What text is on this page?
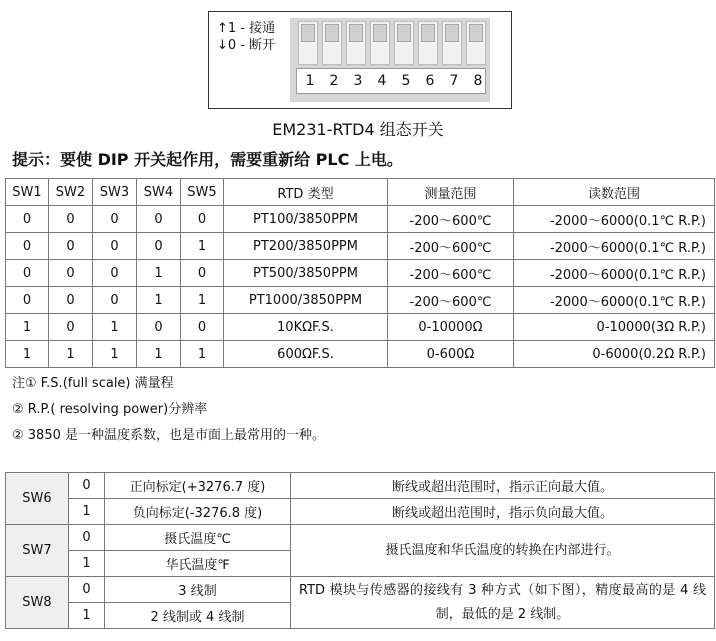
↑1 - 接通
↓0 - 断开
1	2	3	4	5	6	7	8
EM231-RTD4 组态开关
提示：要使 DIP 开关起作用，需要重新给 PLC 上电。
SW1	SW2	SW3	SW4	SW5	RTD 类型	测量范围	读数范围
0	0	0	0	0	PT100/3850PPM	-200～600℃	-2000～6000(0.1℃ R.P.)
0	0	0	0	1	PT200/3850PPM	-200～600℃	-2000～6000(0.1℃ R.P.)
0	0	0	1	0	PT500/3850PPM	-200～600℃	-2000～6000(0.1℃ R.P.)
0	0	0	1	1	PT1000/3850PPM	-200～600℃	-2000～6000(0.1℃ R.P.)
1	0	1	0	0	10KΩF.S.	0-10000Ω	0-10000(3Ω R.P.)
1	1	1	1	1	600ΩF.S.	0-600Ω	0-6000(0.2Ω R.P.)
注① F.S.(full scale) 满量程
② R.P.( resolving power)分辨率
② 3850 是一种温度系数，也是市面上最常用的一种。
SW6	0	正向标定(+3276.7 度)	断线或超出范围时，指示正向最大值。
	1	负向标定(-3276.8 度)	断线或超出范围时，指示负向最大值。
SW7	0	摄氏温度℃	摄氏温度和华氏温度的转换在内部进行。
	1	华氏温度℉	
SW8	0	3 线制	RTD 模块与传感器的接线有 3 种方式（如下图），精度最高的是 4 线制，最低的是 2 线制。
	1	2 线制或 4 线制	
